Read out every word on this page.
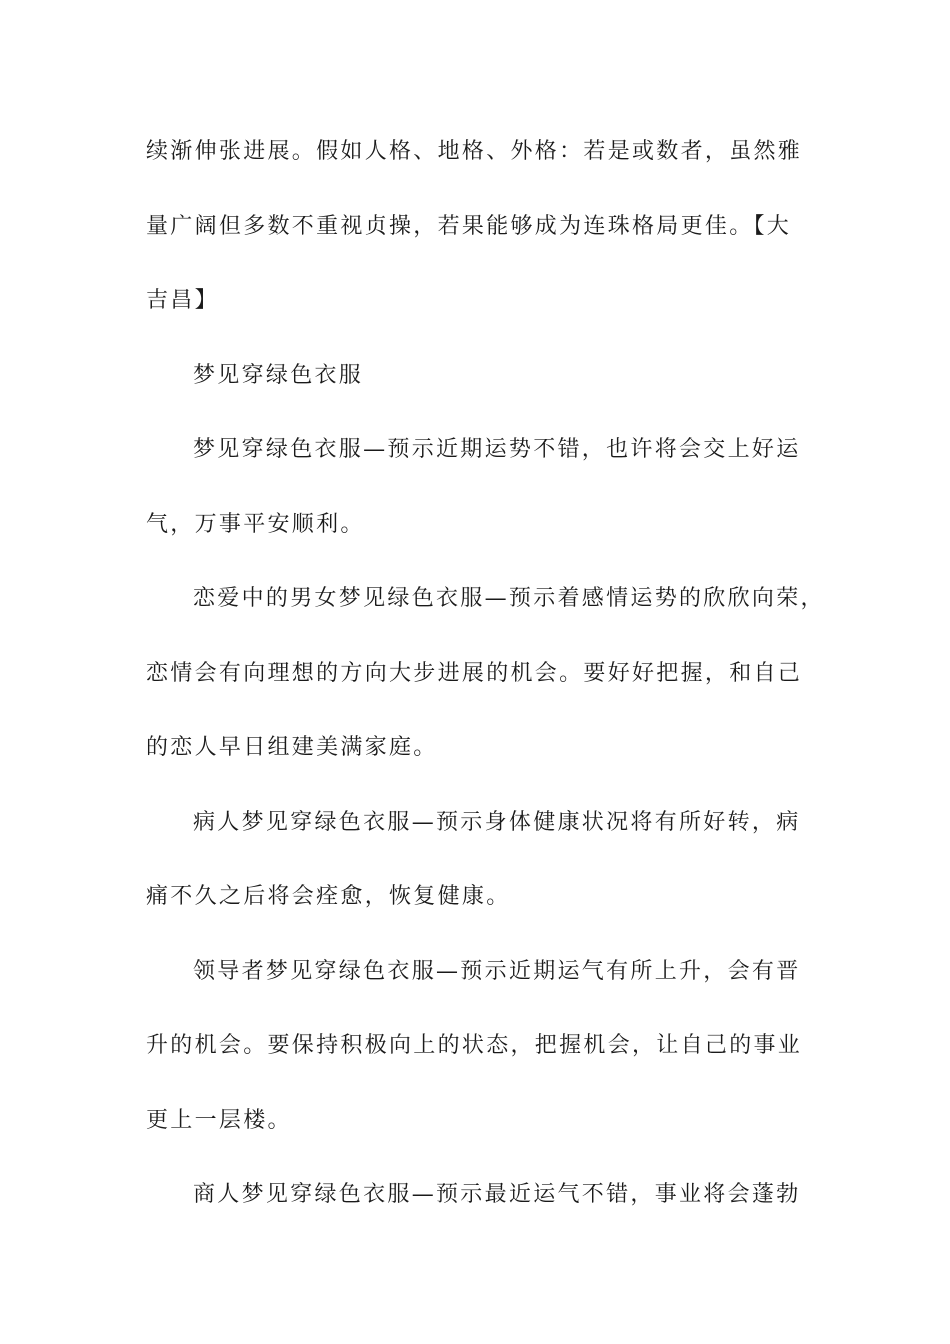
续渐伸张进展。假如人格、地格、外格：若是或数者，虽然雅

量广阔但多数不重视贞操，若果能够成为连珠格局更佳。【大

吉昌】

梦见穿绿色衣服

梦见穿绿色衣服—预示近期运势不错，也许将会交上好运

气，万事平安顺利。

恋爱中的男女梦见绿色衣服—预示着感情运势的欣欣向荣，

恋情会有向理想的方向大步进展的机会。要好好把握，和自己

的恋人早日组建美满家庭。

病人梦见穿绿色衣服—预示身体健康状况将有所好转，病

痛不久之后将会痊愈，恢复健康。

领导者梦见穿绿色衣服—预示近期运气有所上升，会有晋

升的机会。要保持积极向上的状态，把握机会，让自己的事业

更上一层楼。

商人梦见穿绿色衣服—预示最近运气不错，事业将会蓬勃
